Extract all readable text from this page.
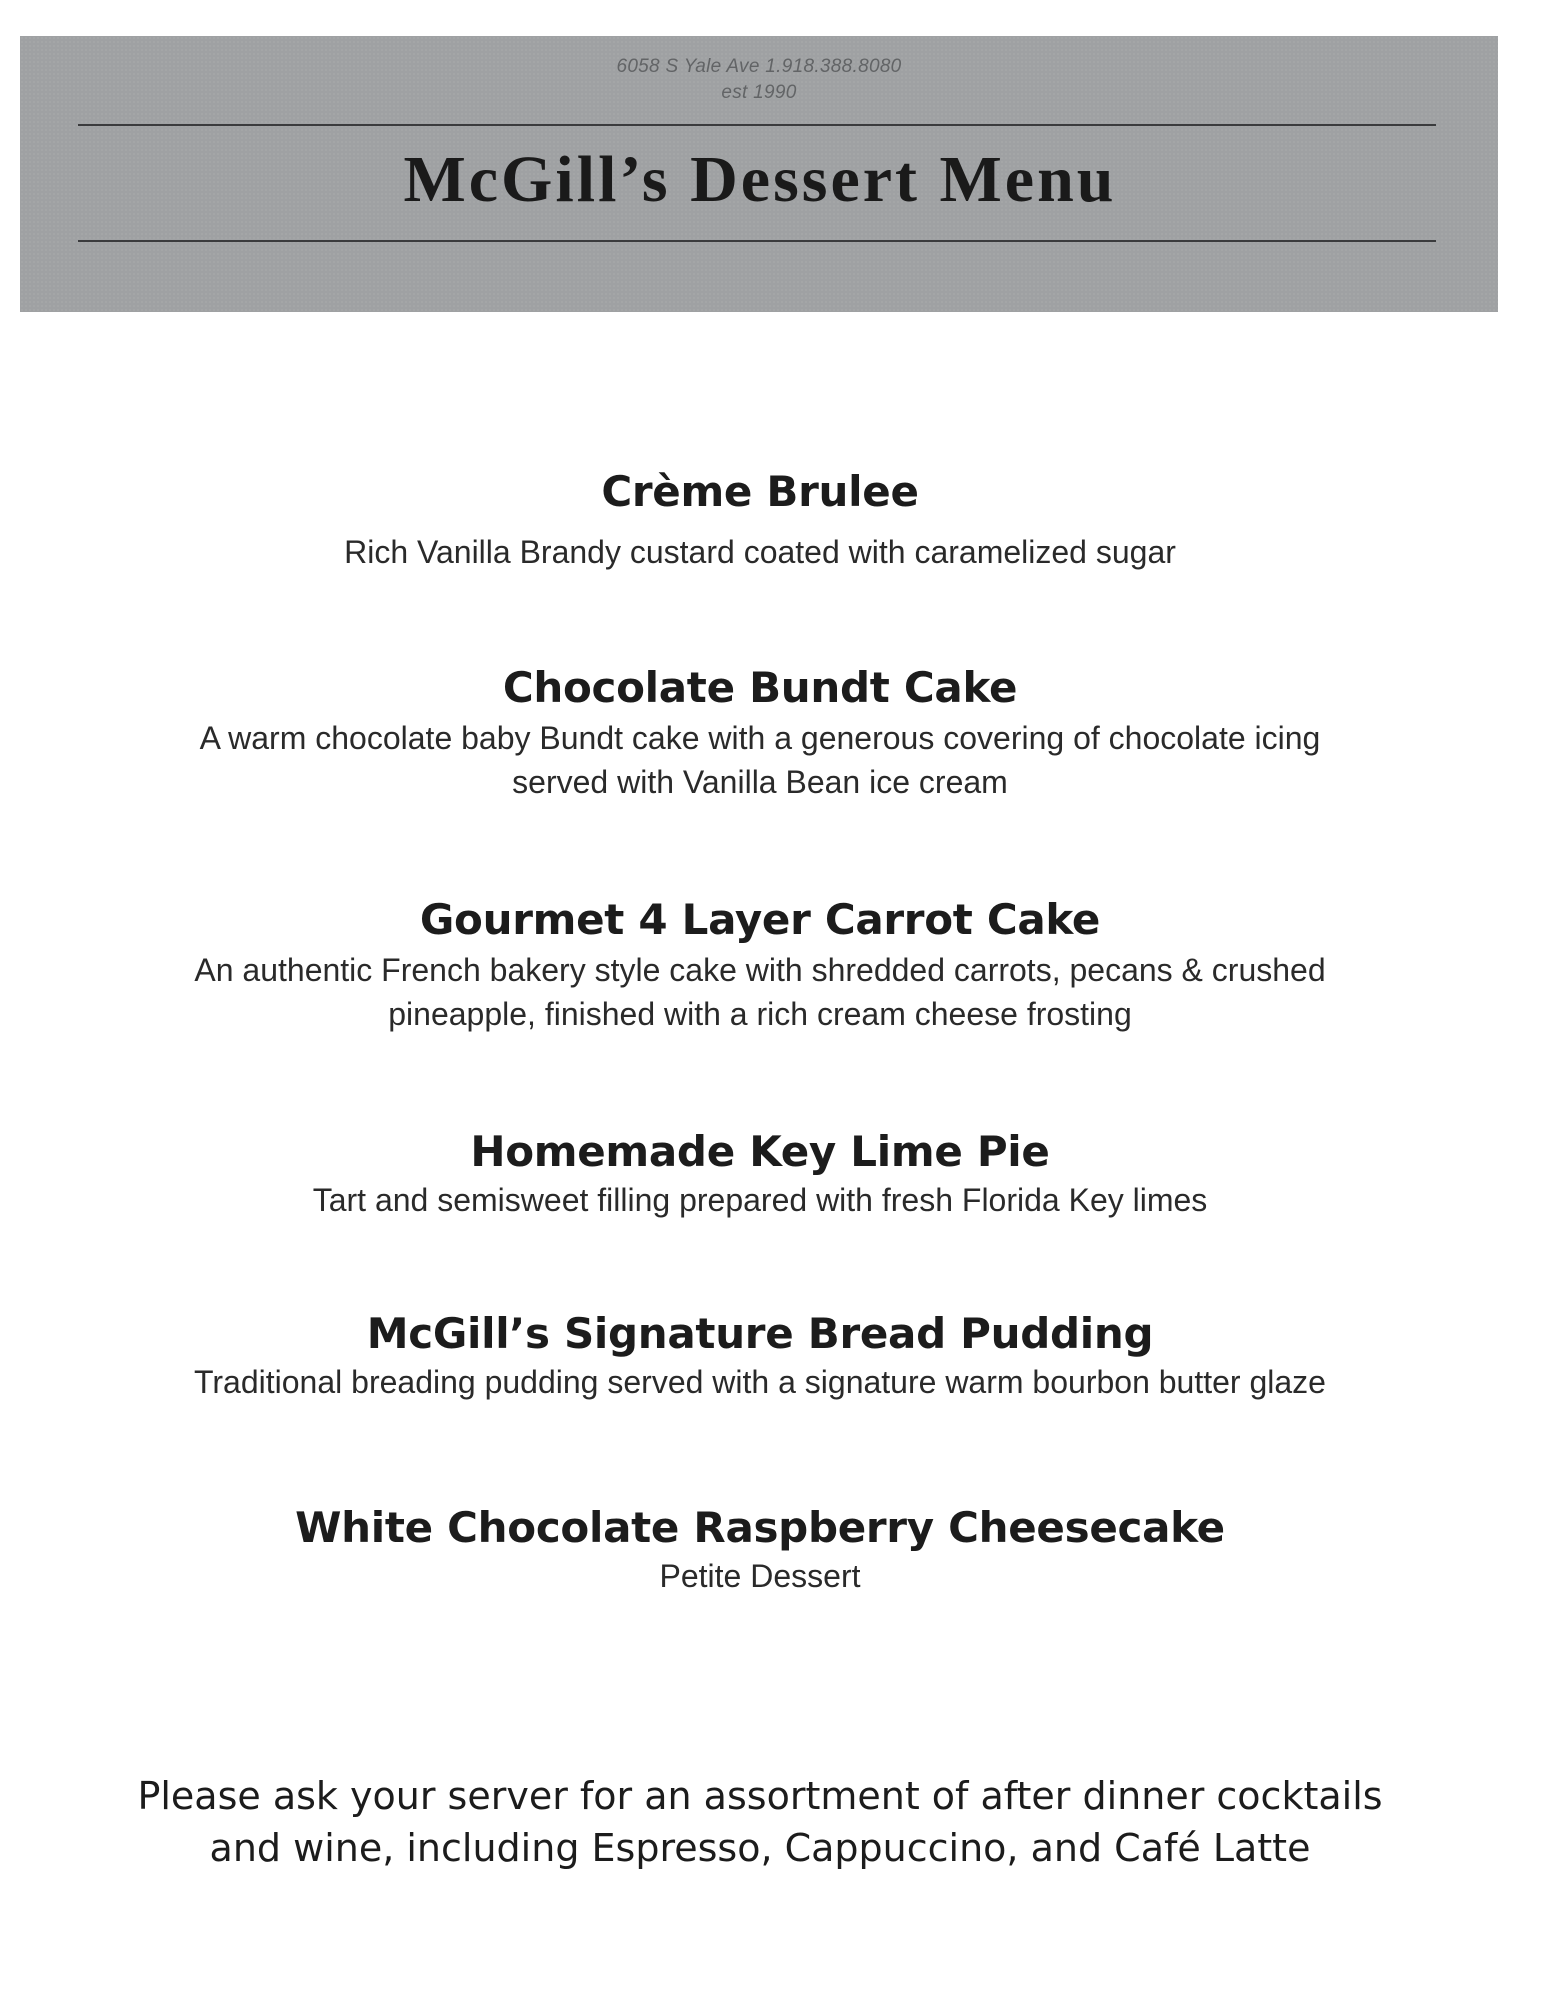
6058 S Yale Ave 1.918.388.8080
est 1990
McGill’s Dessert Menu
Crème Brulee
Rich Vanilla Brandy custard coated with caramelized sugar
Chocolate Bundt Cake
A warm chocolate baby Bundt cake with a generous covering of chocolate icing
served with Vanilla Bean ice cream
Gourmet 4 Layer Carrot Cake
An authentic French bakery style cake with shredded carrots, pecans & crushed
pineapple, finished with a rich cream cheese frosting
Homemade Key Lime Pie
Tart and semisweet filling prepared with fresh Florida Key limes
McGill’s Signature Bread Pudding
Traditional breading pudding served with a signature warm bourbon butter glaze
White Chocolate Raspberry Cheesecake
Petite Dessert
Please ask your server for an assortment of after dinner cocktails
and wine, including Espresso, Cappuccino, and Café Latte
